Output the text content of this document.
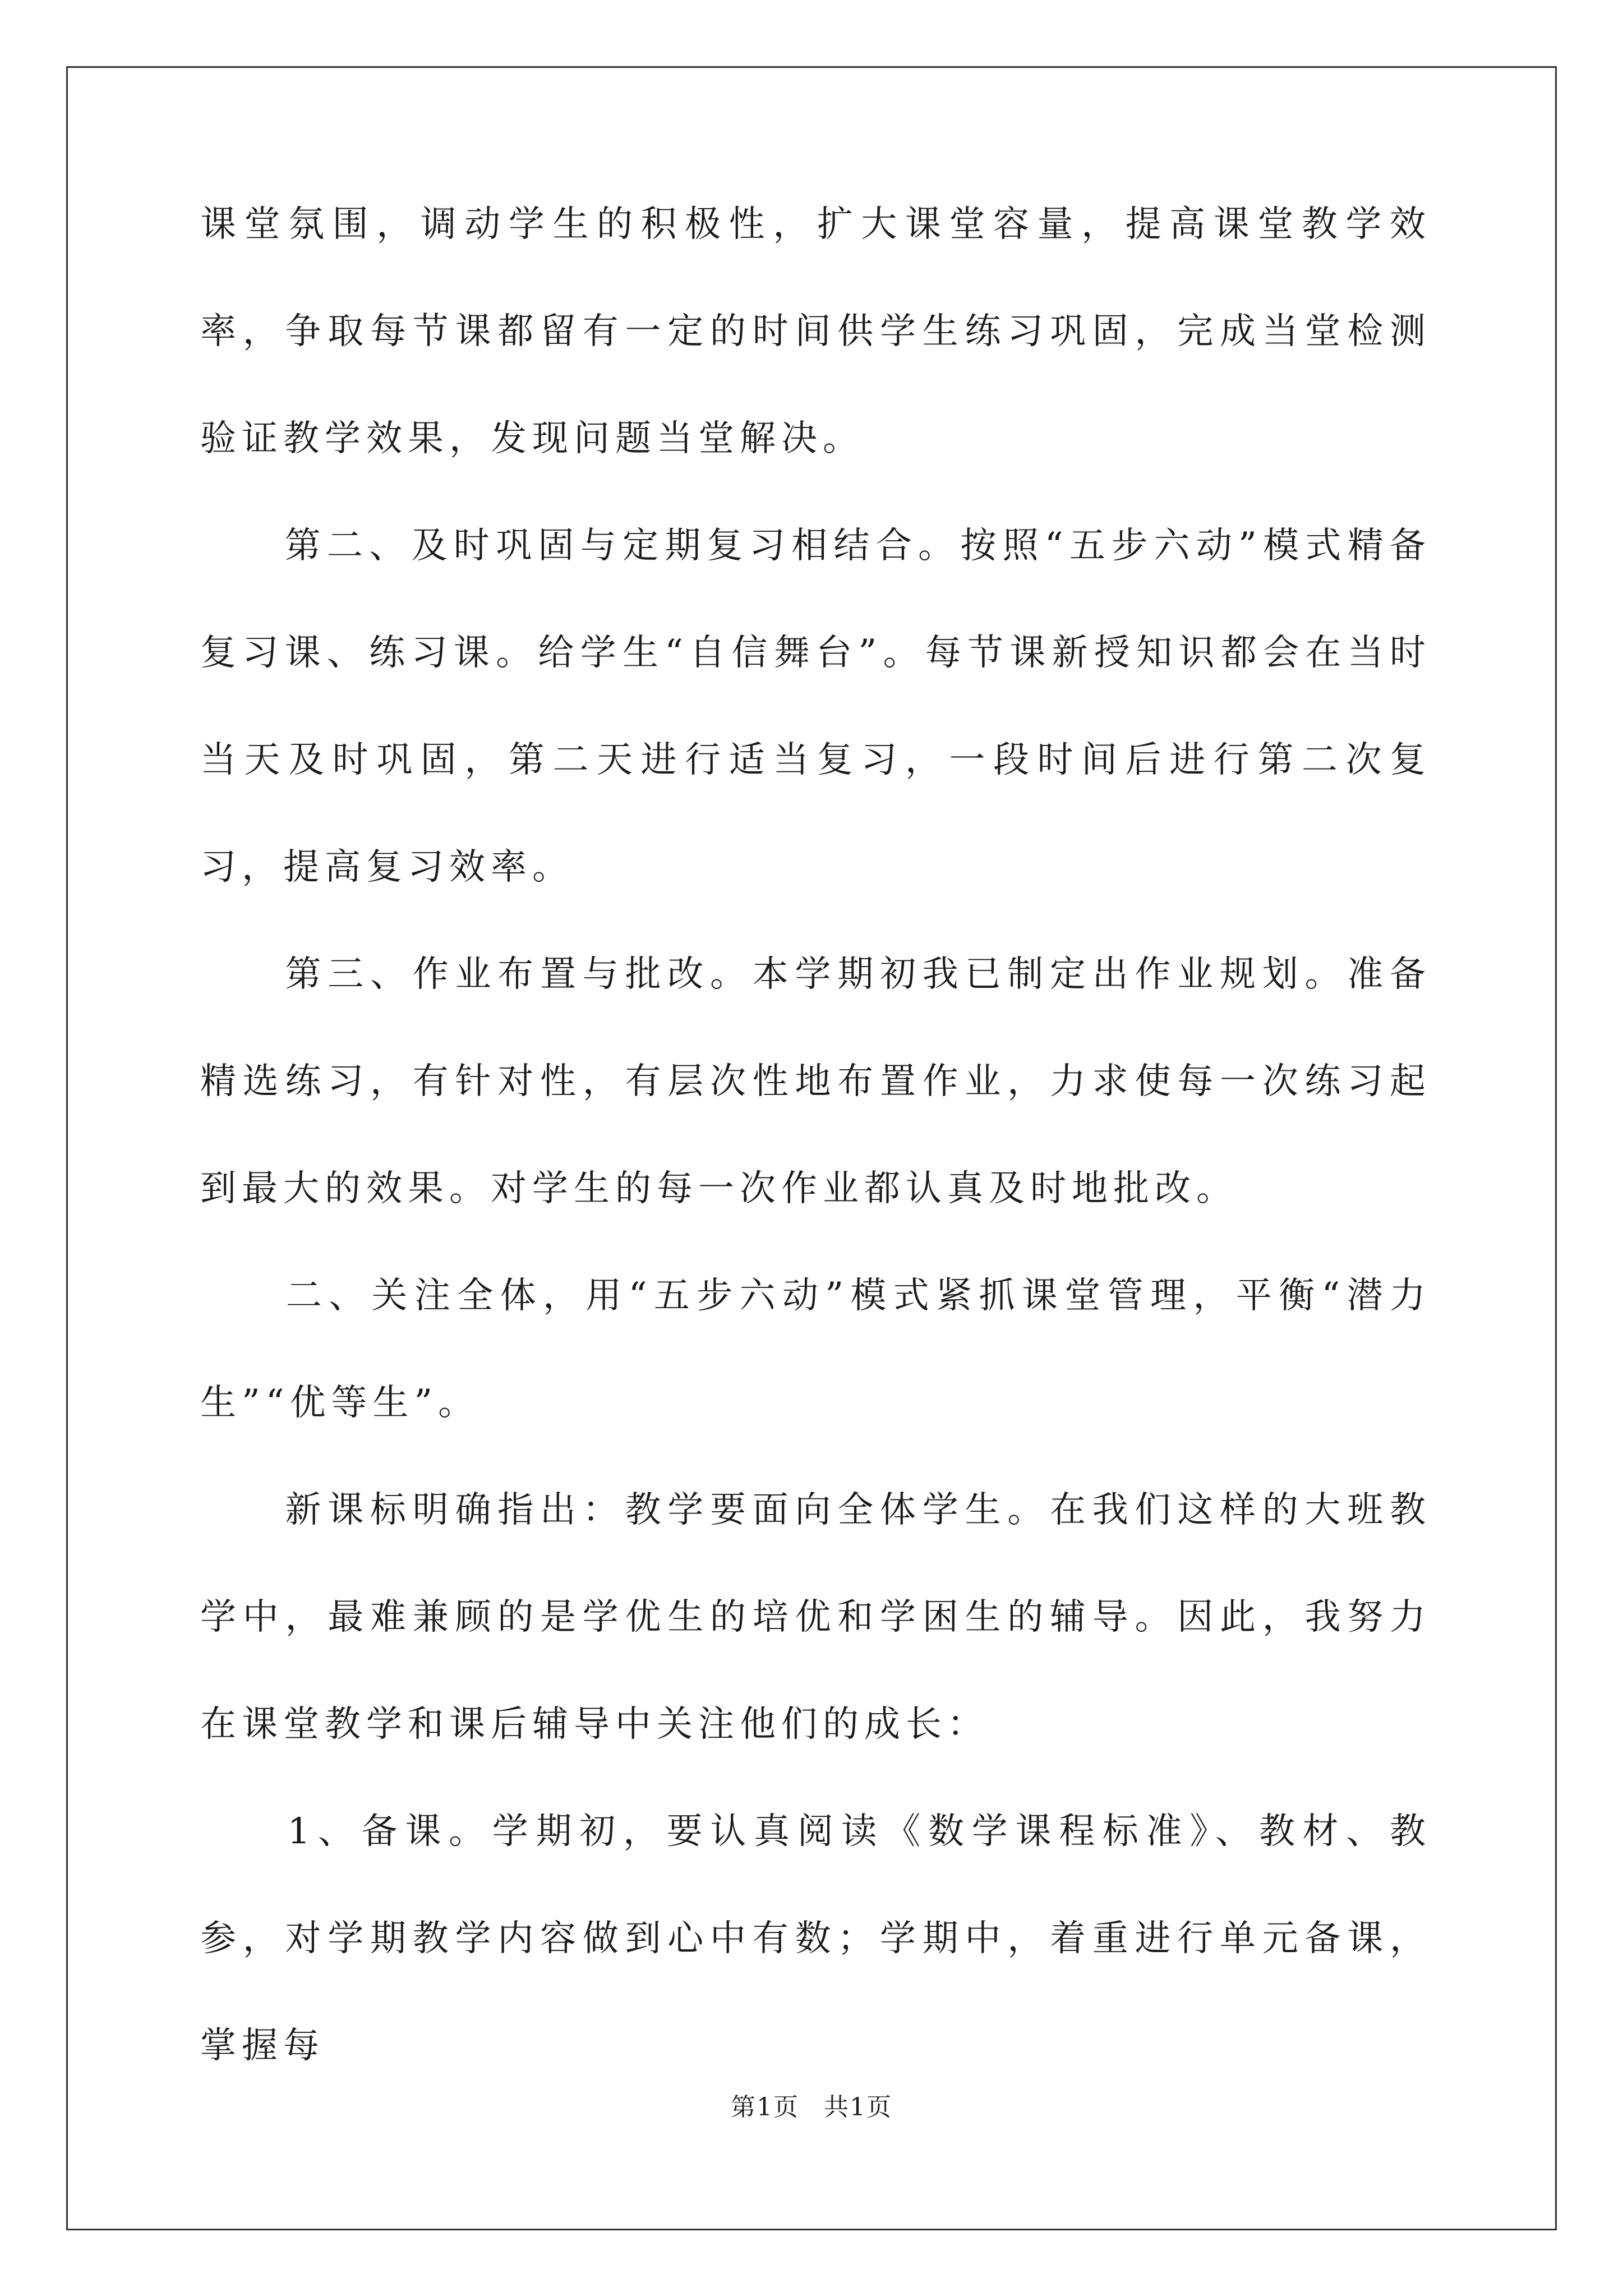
课堂氛围，调动学生的积极性，扩大课堂容量，提高课堂教学效率，争取每节课都留有一定的时间供学生练习巩固，完成当堂检测验证教学效果，发现问题当堂解决。

　　第二、及时巩固与定期复习相结合。按照“五步六动”模式精备复习课、练习课。给学生“自信舞台”。每节课新授知识都会在当时当天及时巩固，第二天进行适当复习，一段时间后进行第二次复习，提高复习效率。

　　第三、作业布置与批改。本学期初我已制定出作业规划。准备精选练习，有针对性，有层次性地布置作业，力求使每一次练习起到最大的效果。对学生的每一次作业都认真及时地批改。

　　二、关注全体，用“五步六动”模式紧抓课堂管理，平衡“潜力生”“优等生”。

　　新课标明确指出：教学要面向全体学生。在我们这样的大班教学中，最难兼顾的是学优生的培优和学困生的辅导。因此，我努力在课堂教学和课后辅导中关注他们的成长：

　　1、备课。学期初，要认真阅读《数学课程标准》、教材、教参，对学期教学内容做到心中有数；学期中，着重进行单元备课，掌握每

第1页 共1页
